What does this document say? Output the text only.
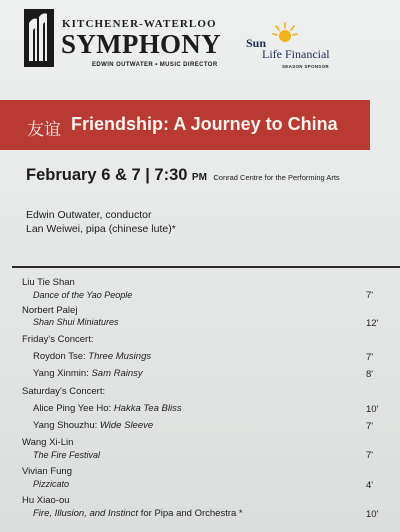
KITCHENER-WATERLOO
SYMPHONY
EDWIN OUTWATER • MUSIC DIRECTOR
Sun
Life Financial
SEASON SPONSOR
友谊 Friendship: A Journey to China
February 6 & 7 | 7:30 PM Conrad Centre for the Performing Arts
Edwin Outwater, conductor
Lan Weiwei, pipa (chinese lute)*
Liu Tie Shan
Dance of the Yao People	7'
Norbert Palej
Shan Shui Miniatures	12'
Friday's Concert:
Roydon Tse: Three Musings	7'
Yang Xinmin: Sam Rainsy	8'
Saturday's Concert:
Alice Ping Yee Ho: Hakka Tea Bliss	10'
Yang Shouzhu: Wide Sleeve	7'
Wang Xi-Lin
The Fire Festival	7'
Vivian Fung
Pizzicato	4'
Hu Xiao-ou
Fire, Illusion, and Instinct for Pipa and Orchestra *	10'
